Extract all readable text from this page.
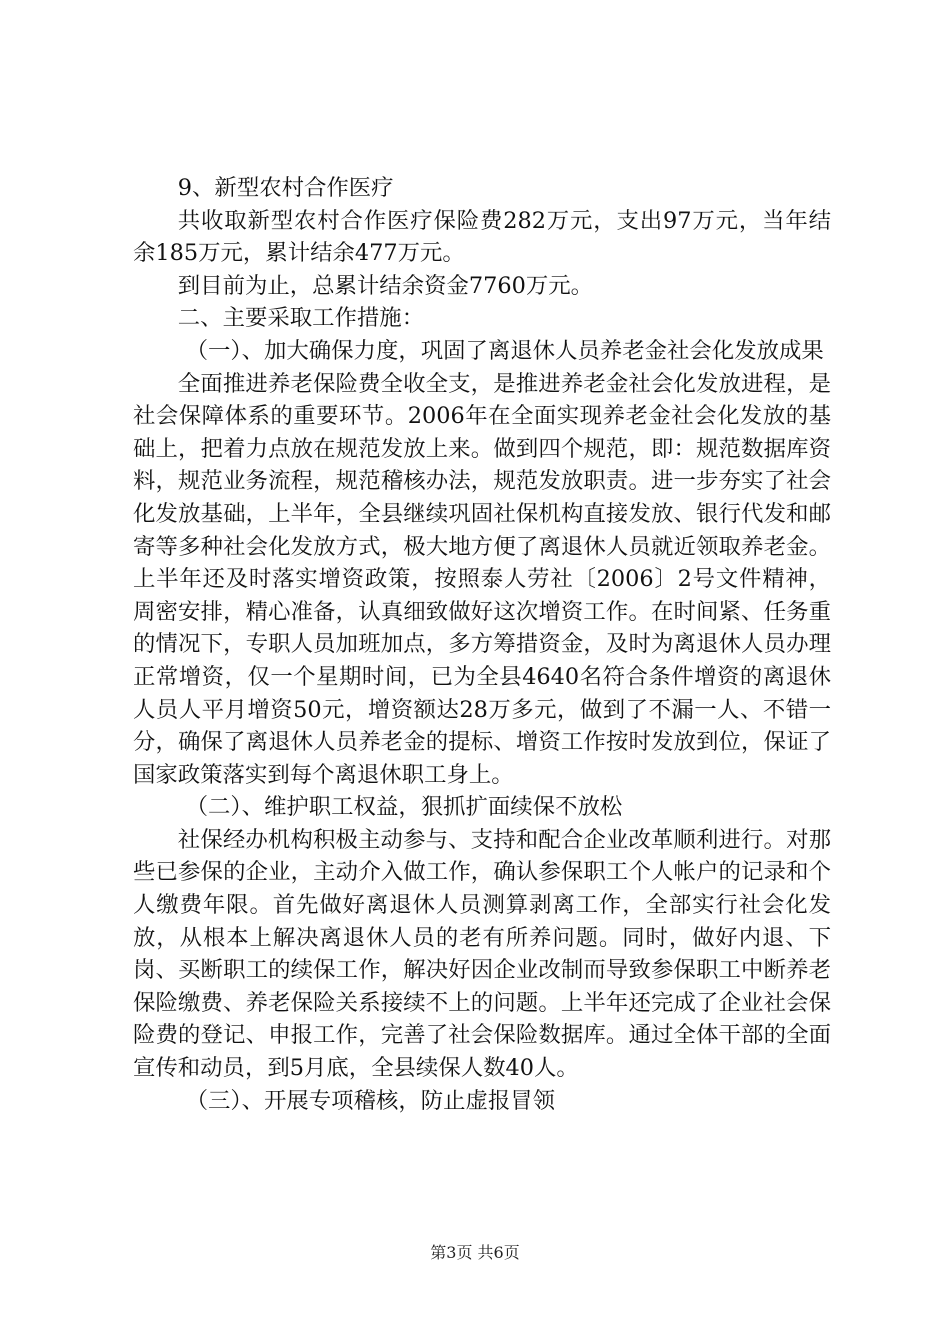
9、新型农村合作医疗

共收取新型农村合作医疗保险费282万元，支出97万元，当年结余185万元，累计结余477万元。

到目前为止，总累计结余资金7760万元。

二、主要采取工作措施：

（一）、加大确保力度，巩固了离退休人员养老金社会化发放成果

全面推进养老保险费全收全支，是推进养老金社会化发放进程，是社会保障体系的重要环节。2006年在全面实现养老金社会化发放的基础上，把着力点放在规范发放上来。做到四个规范，即：规范数据库资料，规范业务流程，规范稽核办法，规范发放职责。进一步夯实了社会化发放基础，上半年，全县继续巩固社保机构直接发放、银行代发和邮寄等多种社会化发放方式，极大地方便了离退休人员就近领取养老金。上半年还及时落实增资政策，按照泰人劳社〔2006〕2号文件精神，周密安排，精心准备，认真细致做好这次增资工作。在时间紧、任务重的情况下，专职人员加班加点，多方筹措资金，及时为离退休人员办理正常增资，仅一个星期时间，已为全县4640名符合条件增资的离退休人员人平月增资50元，增资额达28万多元，做到了不漏一人、不错一分，确保了离退休人员养老金的提标、增资工作按时发放到位，保证了国家政策落实到每个离退休职工身上。

（二）、维护职工权益，狠抓扩面续保不放松

社保经办机构积极主动参与、支持和配合企业改革顺利进行。对那些已参保的企业，主动介入做工作，确认参保职工个人帐户的记录和个人缴费年限。首先做好离退休人员测算剥离工作，全部实行社会化发放，从根本上解决离退休人员的老有所养问题。同时，做好内退、下岗、买断职工的续保工作，解决好因企业改制而导致参保职工中断养老保险缴费、养老保险关系接续不上的问题。上半年还完成了企业社会保险费的登记、申报工作，完善了社会保险数据库。通过全体干部的全面宣传和动员，到5月底，全县续保人数40人。

（三）、开展专项稽核，防止虚报冒领

第3页 共6页
